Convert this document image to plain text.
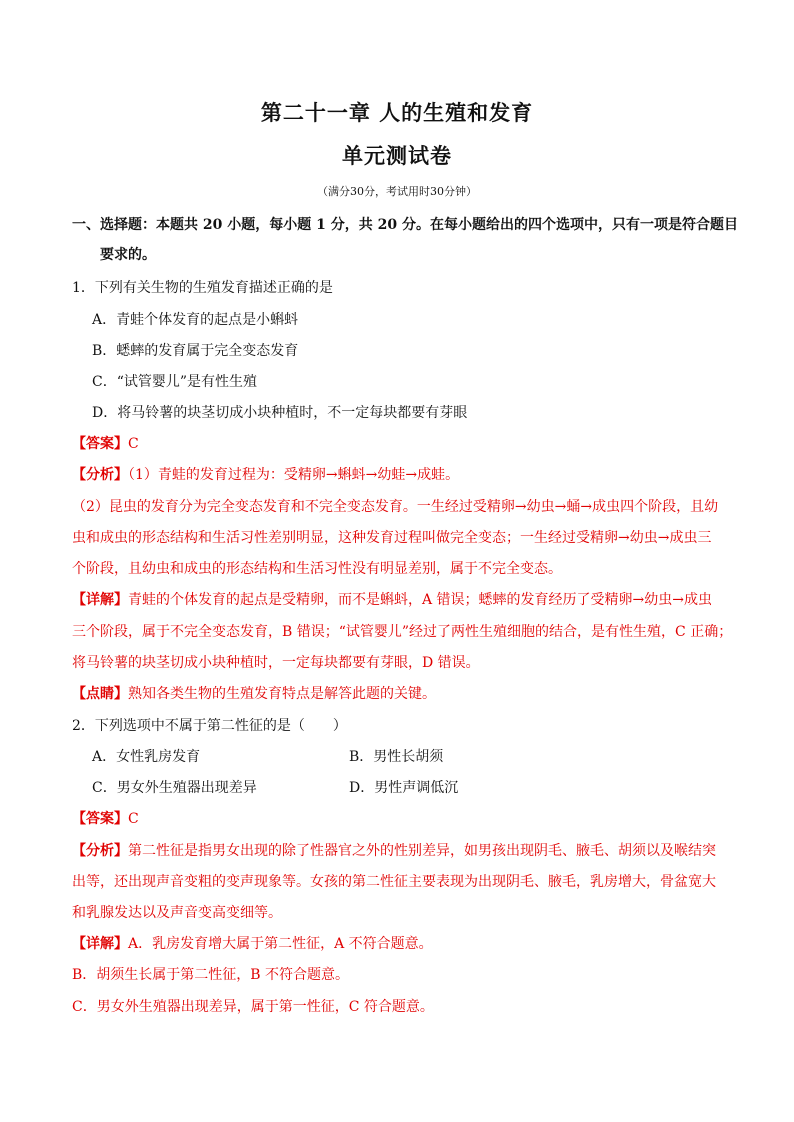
第二十一章 人的生殖和发育
单元测试卷
（满分30分，考试用时30分钟）
一、选择题：本题共 20 小题，每小题 1 分，共 20 分。在每小题给出的四个选项中，只有一项是符合题目
要求的。
1．下列有关生物的生殖发育描述正确的是
A．青蛙个体发育的起点是小蝌蚪
B．蟋蟀的发育属于完全变态发育
C．“试管婴儿”是有性生殖
D．将马铃薯的块茎切成小块种植时，不一定每块都要有芽眼
【答案】C
【分析】（1）青蛙的发育过程为：受精卵→蝌蚪→幼蛙→成蛙。
（2）昆虫的发育分为完全变态发育和不完全变态发育。一生经过受精卵→幼虫→蛹→成虫四个阶段，且幼
虫和成虫的形态结构和生活习性差别明显，这种发育过程叫做完全变态；一生经过受精卵→幼虫→成虫三
个阶段，且幼虫和成虫的形态结构和生活习性没有明显差别，属于不完全变态。
【详解】青蛙的个体发育的起点是受精卵，而不是蝌蚪，A 错误；蟋蟀的发育经历了受精卵→幼虫→成虫
三个阶段，属于不完全变态发育，B 错误；“试管婴儿”经过了两性生殖细胞的结合，是有性生殖，C 正确；
将马铃薯的块茎切成小块种植时，一定每块都要有芽眼，D 错误。
【点睛】熟知各类生物的生殖发育特点是解答此题的关键。
2．下列选项中不属于第二性征的是（　　）
A．女性乳房发育	B．男性长胡须
C．男女外生殖器出现差异	D．男性声调低沉
【答案】C
【分析】第二性征是指男女出现的除了性器官之外的性别差异，如男孩出现阴毛、腋毛、胡须以及喉结突
出等，还出现声音变粗的变声现象等。女孩的第二性征主要表现为出现阴毛、腋毛，乳房增大，骨盆宽大
和乳腺发达以及声音变高变细等。
【详解】A．乳房发育增大属于第二性征，A 不符合题意。
B．胡须生长属于第二性征，B 不符合题意。
C．男女外生殖器出现差异，属于第一性征，C 符合题意。
